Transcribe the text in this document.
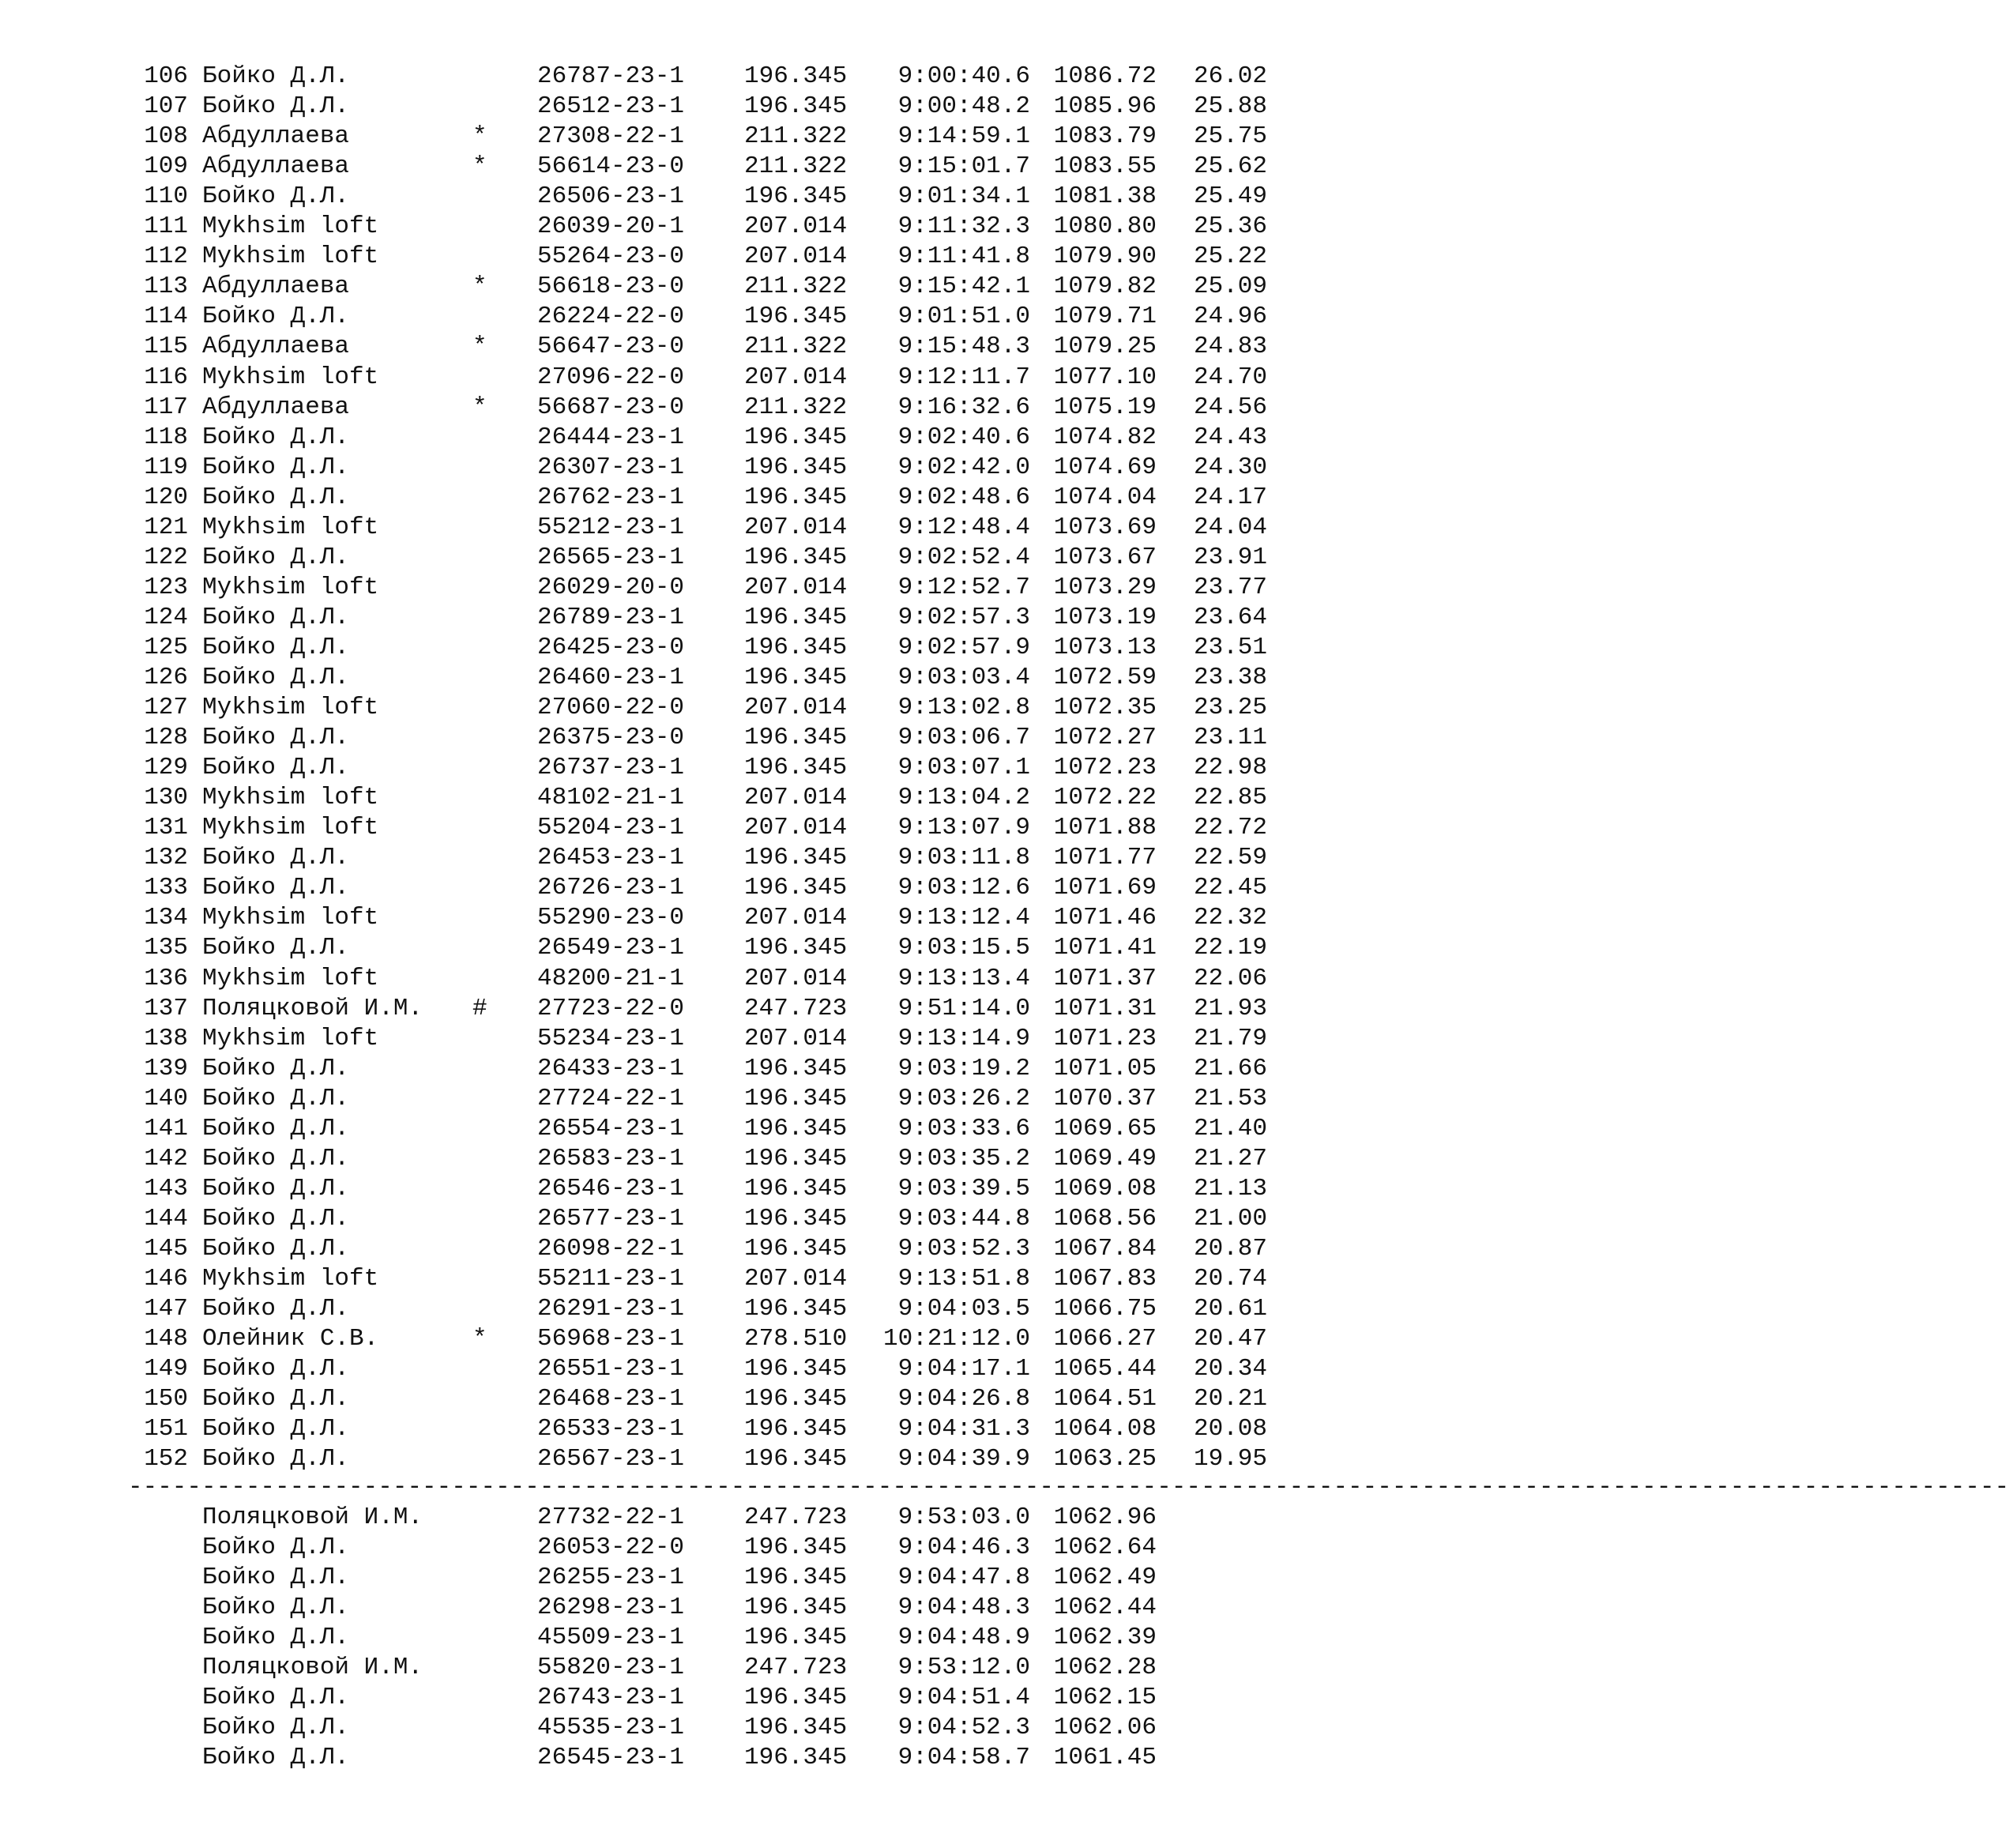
106 Бойко Д.Л.	26787-23-1 196.345 9:00:40.6 1086.72 26.02
107 Бойко Д.Л.	26512-23-1 196.345 9:00:48.2 1085.96 25.88
108 Абдуллаева	* 27308-22-1 211.322 9:14:59.1 1083.79 25.75
109 Абдуллаева	* 56614-23-0 211.322 9:15:01.7 1083.55 25.62
110 Бойко Д.Л.	26506-23-1 196.345 9:01:34.1 1081.38 25.49
111 Mykhsim loft	26039-20-1 207.014 9:11:32.3 1080.80 25.36
112 Mykhsim loft	55264-23-0 207.014 9:11:41.8 1079.90 25.22
113 Абдуллаева	* 56618-23-0 211.322 9:15:42.1 1079.82 25.09
114 Бойко Д.Л.	26224-22-0 196.345 9:01:51.0 1079.71 24.96
115 Абдуллаева	* 56647-23-0 211.322 9:15:48.3 1079.25 24.83
116 Mykhsim loft	27096-22-0 207.014 9:12:11.7 1077.10 24.70
117 Абдуллаева	* 56687-23-0 211.322 9:16:32.6 1075.19 24.56
118 Бойко Д.Л.	26444-23-1 196.345 9:02:40.6 1074.82 24.43
119 Бойко Д.Л.	26307-23-1 196.345 9:02:42.0 1074.69 24.30
120 Бойко Д.Л.	26762-23-1 196.345 9:02:48.6 1074.04 24.17
121 Mykhsim loft	55212-23-1 207.014 9:12:48.4 1073.69 24.04
122 Бойко Д.Л.	26565-23-1 196.345 9:02:52.4 1073.67 23.91
123 Mykhsim loft	26029-20-0 207.014 9:12:52.7 1073.29 23.77
124 Бойко Д.Л.	26789-23-1 196.345 9:02:57.3 1073.19 23.64
125 Бойко Д.Л.	26425-23-0 196.345 9:02:57.9 1073.13 23.51
126 Бойко Д.Л.	26460-23-1 196.345 9:03:03.4 1072.59 23.38
127 Mykhsim loft	27060-22-0 207.014 9:13:02.8 1072.35 23.25
128 Бойко Д.Л.	26375-23-0 196.345 9:03:06.7 1072.27 23.11
129 Бойко Д.Л.	26737-23-1 196.345 9:03:07.1 1072.23 22.98
130 Mykhsim loft	48102-21-1 207.014 9:13:04.2 1072.22 22.85
131 Mykhsim loft	55204-23-1 207.014 9:13:07.9 1071.88 22.72
132 Бойко Д.Л.	26453-23-1 196.345 9:03:11.8 1071.77 22.59
133 Бойко Д.Л.	26726-23-1 196.345 9:03:12.6 1071.69 22.45
134 Mykhsim loft	55290-23-0 207.014 9:13:12.4 1071.46 22.32
135 Бойко Д.Л.	26549-23-1 196.345 9:03:15.5 1071.41 22.19
136 Mykhsim loft	48200-21-1 207.014 9:13:13.4 1071.37 22.06
137 Поляцковой И.М. # 27723-22-0 247.723 9:51:14.0 1071.31 21.93
138 Mykhsim loft	55234-23-1 207.014 9:13:14.9 1071.23 21.79
139 Бойко Д.Л.	26433-23-1 196.345 9:03:19.2 1071.05 21.66
140 Бойко Д.Л.	27724-22-1 196.345 9:03:26.2 1070.37 21.53
141 Бойко Д.Л.	26554-23-1 196.345 9:03:33.6 1069.65 21.40
142 Бойко Д.Л.	26583-23-1 196.345 9:03:35.2 1069.49 21.27
143 Бойко Д.Л.	26546-23-1 196.345 9:03:39.5 1069.08 21.13
144 Бойко Д.Л.	26577-23-1 196.345 9:03:44.8 1068.56 21.00
145 Бойко Д.Л.	26098-22-1 196.345 9:03:52.3 1067.84 20.87
146 Mykhsim loft	55211-23-1 207.014 9:13:51.8 1067.83 20.74
147 Бойко Д.Л.	26291-23-1 196.345 9:04:03.5 1066.75 20.61
148 Олейник С.В.	* 56968-23-1 278.510 10:21:12.0 1066.27 20.47
149 Бойко Д.Л.	26551-23-1 196.345 9:04:17.1 1065.44 20.34
150 Бойко Д.Л.	26468-23-1 196.345 9:04:26.8 1064.51 20.21
151 Бойко Д.Л.	26533-23-1 196.345 9:04:31.3 1064.08 20.08
152 Бойко Д.Л.	26567-23-1 196.345 9:04:39.9 1063.25 19.95
--------------------------------------------------------------------------------------------------------------------------------
Поляцковой И.М.	27732-22-1 247.723 9:53:03.0 1062.96
Бойко Д.Л.	26053-22-0 196.345 9:04:46.3 1062.64
Бойко Д.Л.	26255-23-1 196.345 9:04:47.8 1062.49
Бойко Д.Л.	26298-23-1 196.345 9:04:48.3 1062.44
Бойко Д.Л.	45509-23-1 196.345 9:04:48.9 1062.39
Поляцковой И.М.	55820-23-1 247.723 9:53:12.0 1062.28
Бойко Д.Л.	26743-23-1 196.345 9:04:51.4 1062.15
Бойко Д.Л.	45535-23-1 196.345 9:04:52.3 1062.06
Бойко Д.Л.	26545-23-1 196.345 9:04:58.7 1061.45
